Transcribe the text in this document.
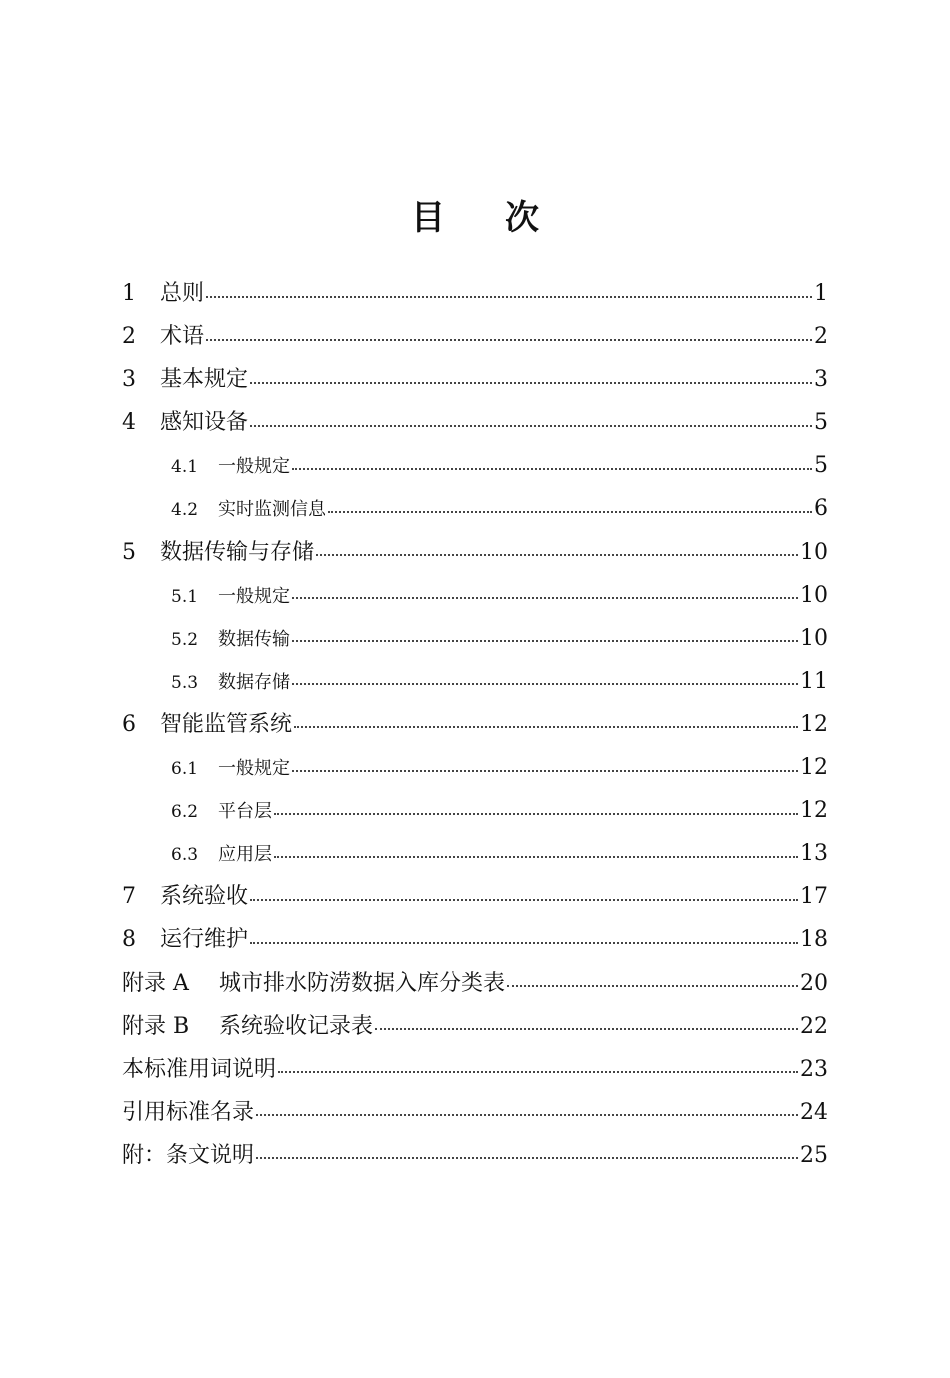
目 次
1	总则	1
2	术语	2
3	基本规定	3
4	感知设备	5
4.1	一般规定	5
4.2	实时监测信息	6
5	数据传输与存储	10
5.1	一般规定	10
5.2	数据传输	10
5.3	数据存储	11
6	智能监管系统	12
6.1	一般规定	12
6.2	平台层	12
6.3	应用层	13
7	系统验收	17
8	运行维护	18
附录 A	城市排水防涝数据入库分类表	20
附录 B	系统验收记录表	22
本标准用词说明	23
引用标准名录	24
附：条文说明	25
